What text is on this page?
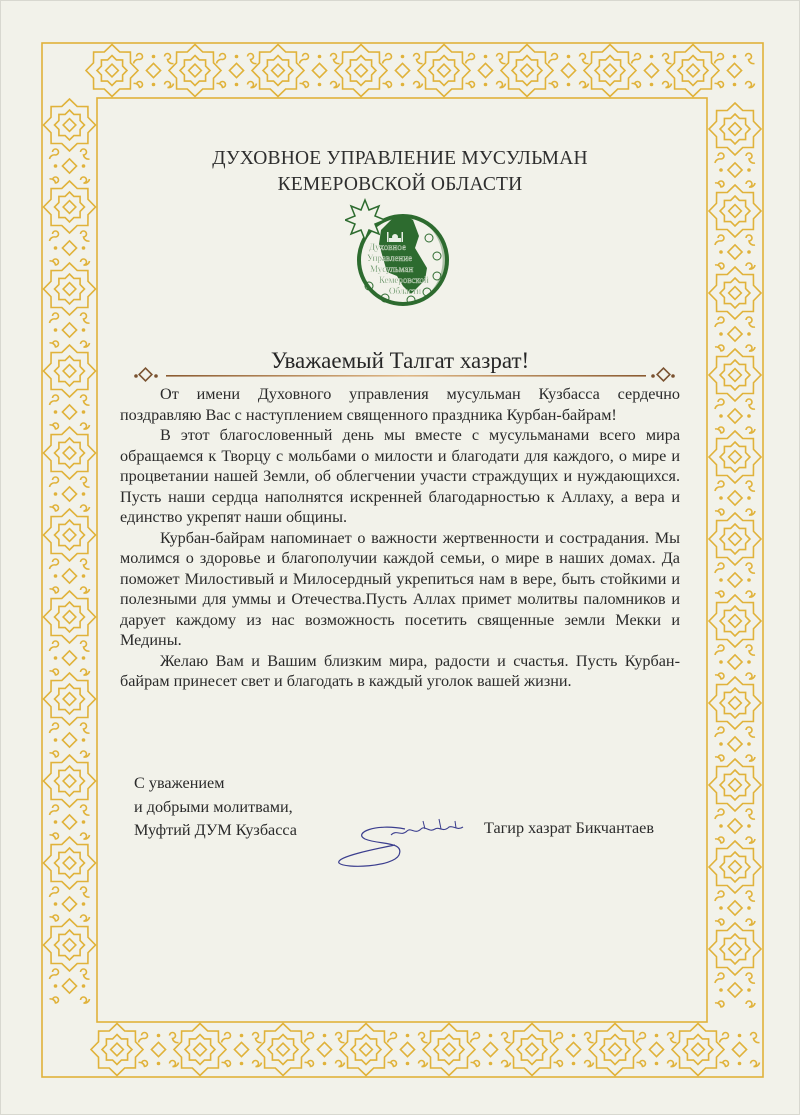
ДУХОВНОЕ УПРАВЛЕНИЕ МУСУЛЬМАН
КЕМЕРОВСКОЙ ОБЛАСТИ
Духовное
Управление
Мусульман
Кемеровской
Области
Уважаемый Талгат хазрат!

От имени Духовного управления мусульман Кузбасса сердечно поздравляю Вас с наступлением священного праздника Курбан-байрам!

В этот благословенный день мы вместе с мусульманами всего мира обращаемся к Творцу с мольбами о милости и благодати для каждого, о мире и процветании нашей Земли, об облегчении участи страждущих и нуждающихся. Пусть наши сердца наполнятся искренней благодарностью к Аллаху, а вера и единство укрепят наши общины.

Курбан-байрам напоминает о важности жертвенности и сострадания. Мы молимся о здоровье и благополучии каждой семьи, о мире в наших домах. Да поможет Милостивый и Милосердный укрепиться нам в вере, быть стойкими и полезными для уммы и Отечества.Пусть Аллах примет молитвы паломников и дарует каждому из нас возможность посетить священные земли Мекки и Медины.

Желаю Вам и Вашим близким мира, радости и счастья. Пусть Курбан-байрам принесет свет и благодать в каждый уголок вашей жизни.

С уважением
и добрыми молитвами,
Муфтий ДУМ Кузбасса	Тагир хазрат Бикчантаев
